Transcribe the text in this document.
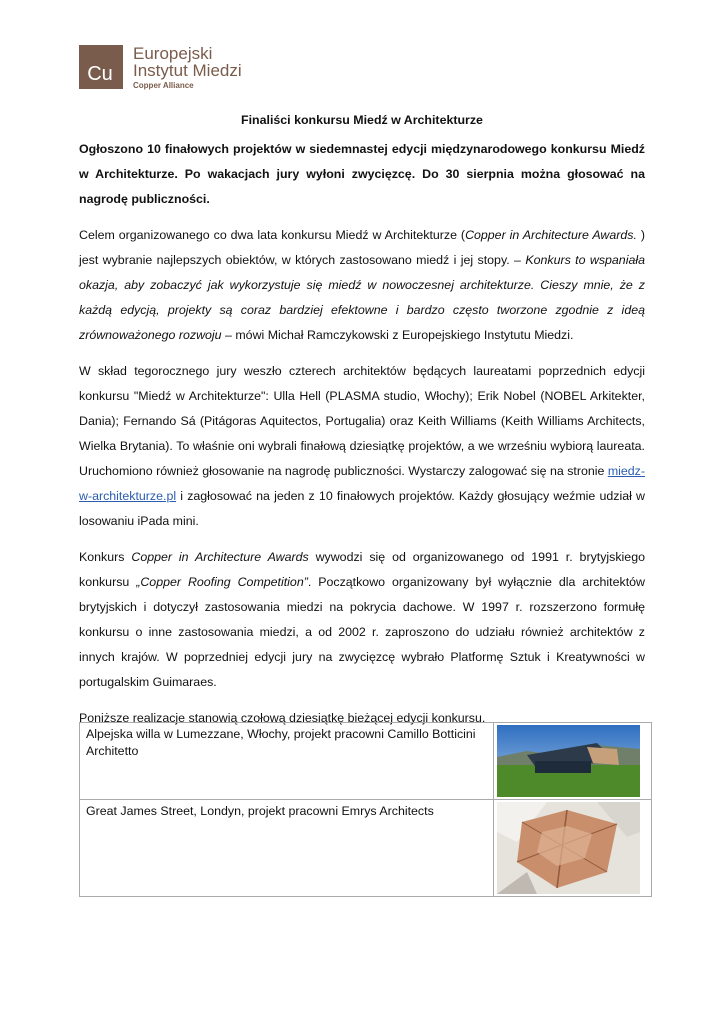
Cu
Europejski
Instytut Miedzi
Copper Alliance
Finaliści konkursu Miedź w Architekturze

Ogłoszono 10 finałowych projektów w siedemnastej edycji międzynarodowego konkursu Miedź w Architekturze. Po wakacjach jury wyłoni zwycięzcę. Do 30 sierpnia można głosować na nagrodę publiczności.

Celem organizowanego co dwa lata konkursu Miedź w Architekturze (Copper in Architecture Awards. ) jest wybranie najlepszych obiektów, w których zastosowano miedź i jej stopy. – Konkurs to wspaniała okazja, aby zobaczyć jak wykorzystuje się miedź w nowoczesnej architekturze. Cieszy mnie, że z każdą edycją, projekty są coraz bardziej efektowne i bardzo często tworzone zgodnie z ideą zrównoważonego rozwoju – mówi Michał Ramczykowski z Europejskiego Instytutu Miedzi.

W skład tegorocznego jury weszło czterech architektów będących laureatami poprzednich edycji konkursu "Miedź w Architekturze": Ulla Hell (PLASMA studio, Włochy); Erik Nobel (NOBEL Arkitekter, Dania); Fernando Sá (Pitágoras Aquitectos, Portugalia) oraz Keith Williams (Keith Williams Architects, Wielka Brytania). To właśnie oni wybrali finałową dziesiątkę projektów, a we wrześniu wybiorą laureata. Uruchomiono również głosowanie na nagrodę publiczności. Wystarczy zalogować się na stronie miedz-w-architekturze.pl i zagłosować na jeden z 10 finałowych projektów. Każdy głosujący weźmie udział w losowaniu iPada mini.

Konkurs Copper in Architecture Awards wywodzi się od organizowanego od 1991 r. brytyjskiego konkursu „Copper Roofing Competition”. Początkowo organizowany był wyłącznie dla architektów brytyjskich i dotyczył zastosowania miedzi na pokrycia dachowe. W 1997 r. rozszerzono formułę konkursu o inne zastosowania miedzi, a od 2002 r. zaproszono do udziału również architektów z innych krajów. W poprzedniej edycji jury na zwycięzcę wybrało Platformę Sztuk i Kreatywności w portugalskim Guimaraes.

Poniższe realizacje stanowią czołową dziesiątkę bieżącej edycji konkursu.

Alpejska willa w Lumezzane, Włochy, projekt pracowni Camillo Botticini Architetto	

Great James Street, Londyn, projekt pracowni Emrys Architects	
